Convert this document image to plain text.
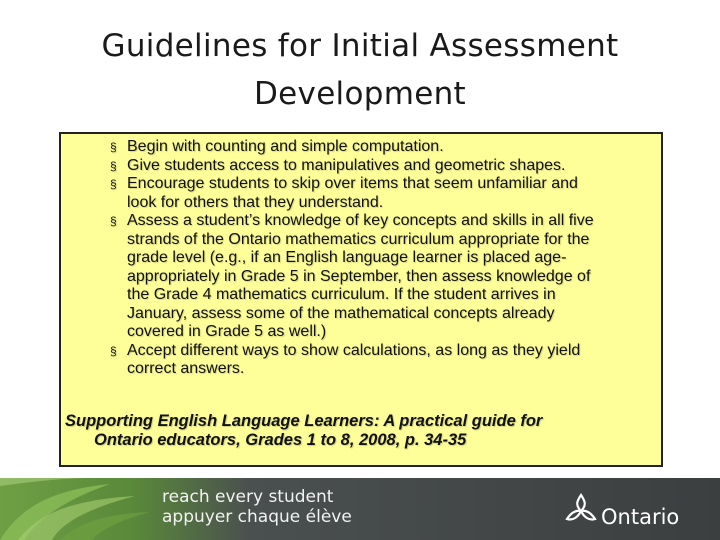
Guidelines for Initial Assessment
Development
§ Begin with counting and simple computation.
§ Give students access to manipulatives and geometric shapes.
§ Encourage students to skip over items that seem unfamiliar and
look for others that they understand.
§ Assess a student’s knowledge of key concepts and skills in all five
strands of the Ontario mathematics curriculum appropriate for the
grade level (e.g., if an English language learner is placed age-
appropriately in Grade 5 in September, then assess knowledge of
the Grade 4 mathematics curriculum. If the student arrives in
January, assess some of the mathematical concepts already
covered in Grade 5 as well.)
§ Accept different ways to show calculations, as long as they yield
correct answers.
Supporting English Language Learners: A practical guide for
Ontario educators, Grades 1 to 8, 2008, p. 34-35
reach every student
appuyer chaque élève	Ontario
